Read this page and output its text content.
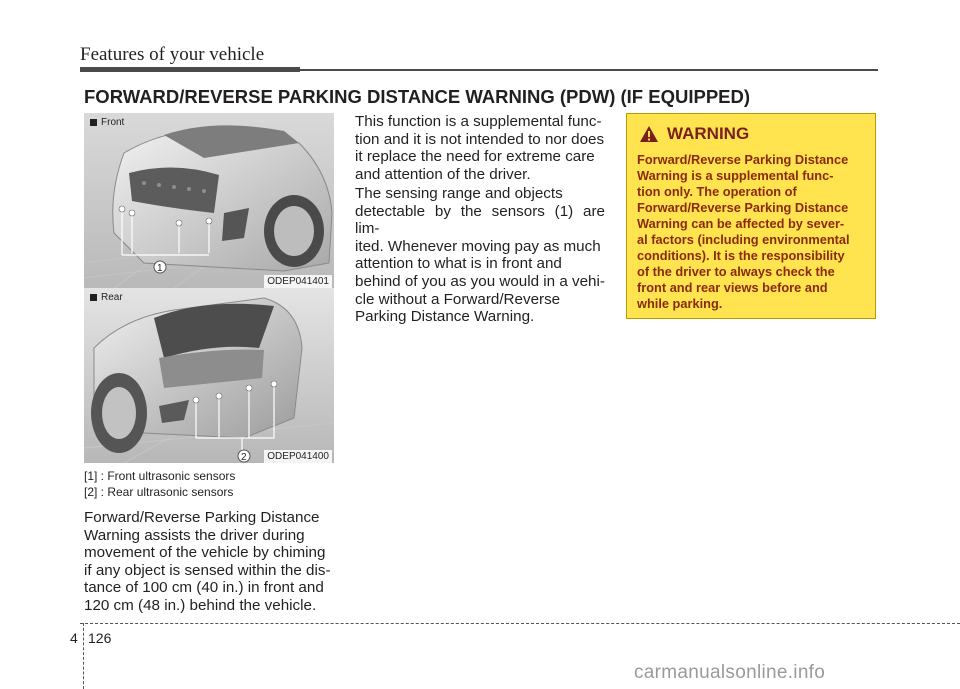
Features of your vehicle
FORWARD/REVERSE PARKING DISTANCE WARNING (PDW) (IF EQUIPPED)
1
Front
ODEP041401
2
Rear
ODEP041400
[1] : Front ultrasonic sensors
[2] : Rear ultrasonic sensors
Forward/Reverse Parking Distance
Warning assists the driver during
movement of the vehicle by chiming
if any object is sensed within the dis-
tance of 100 cm (40 in.) in front and
120 cm (48 in.) behind the vehicle.
This function is a supplemental func-
tion and it is not intended to nor does
it replace the need for extreme care
and attention of the driver.
The sensing range and objects
detectable by the sensors (1) are lim-
ited. Whenever moving pay as much
attention to what is in front and
behind of you as you would in a vehi-
cle without a Forward/Reverse
Parking Distance Warning.
WARNING
Forward/Reverse Parking Distance
Warning is a supplemental func-
tion only. The operation of
Forward/Reverse Parking Distance
Warning can be affected by sever-
al factors (including environmental
conditions). It is the responsibility
of the driver to always check the
front and rear views before and
while parking.
4 126
carmanualsonline.info
